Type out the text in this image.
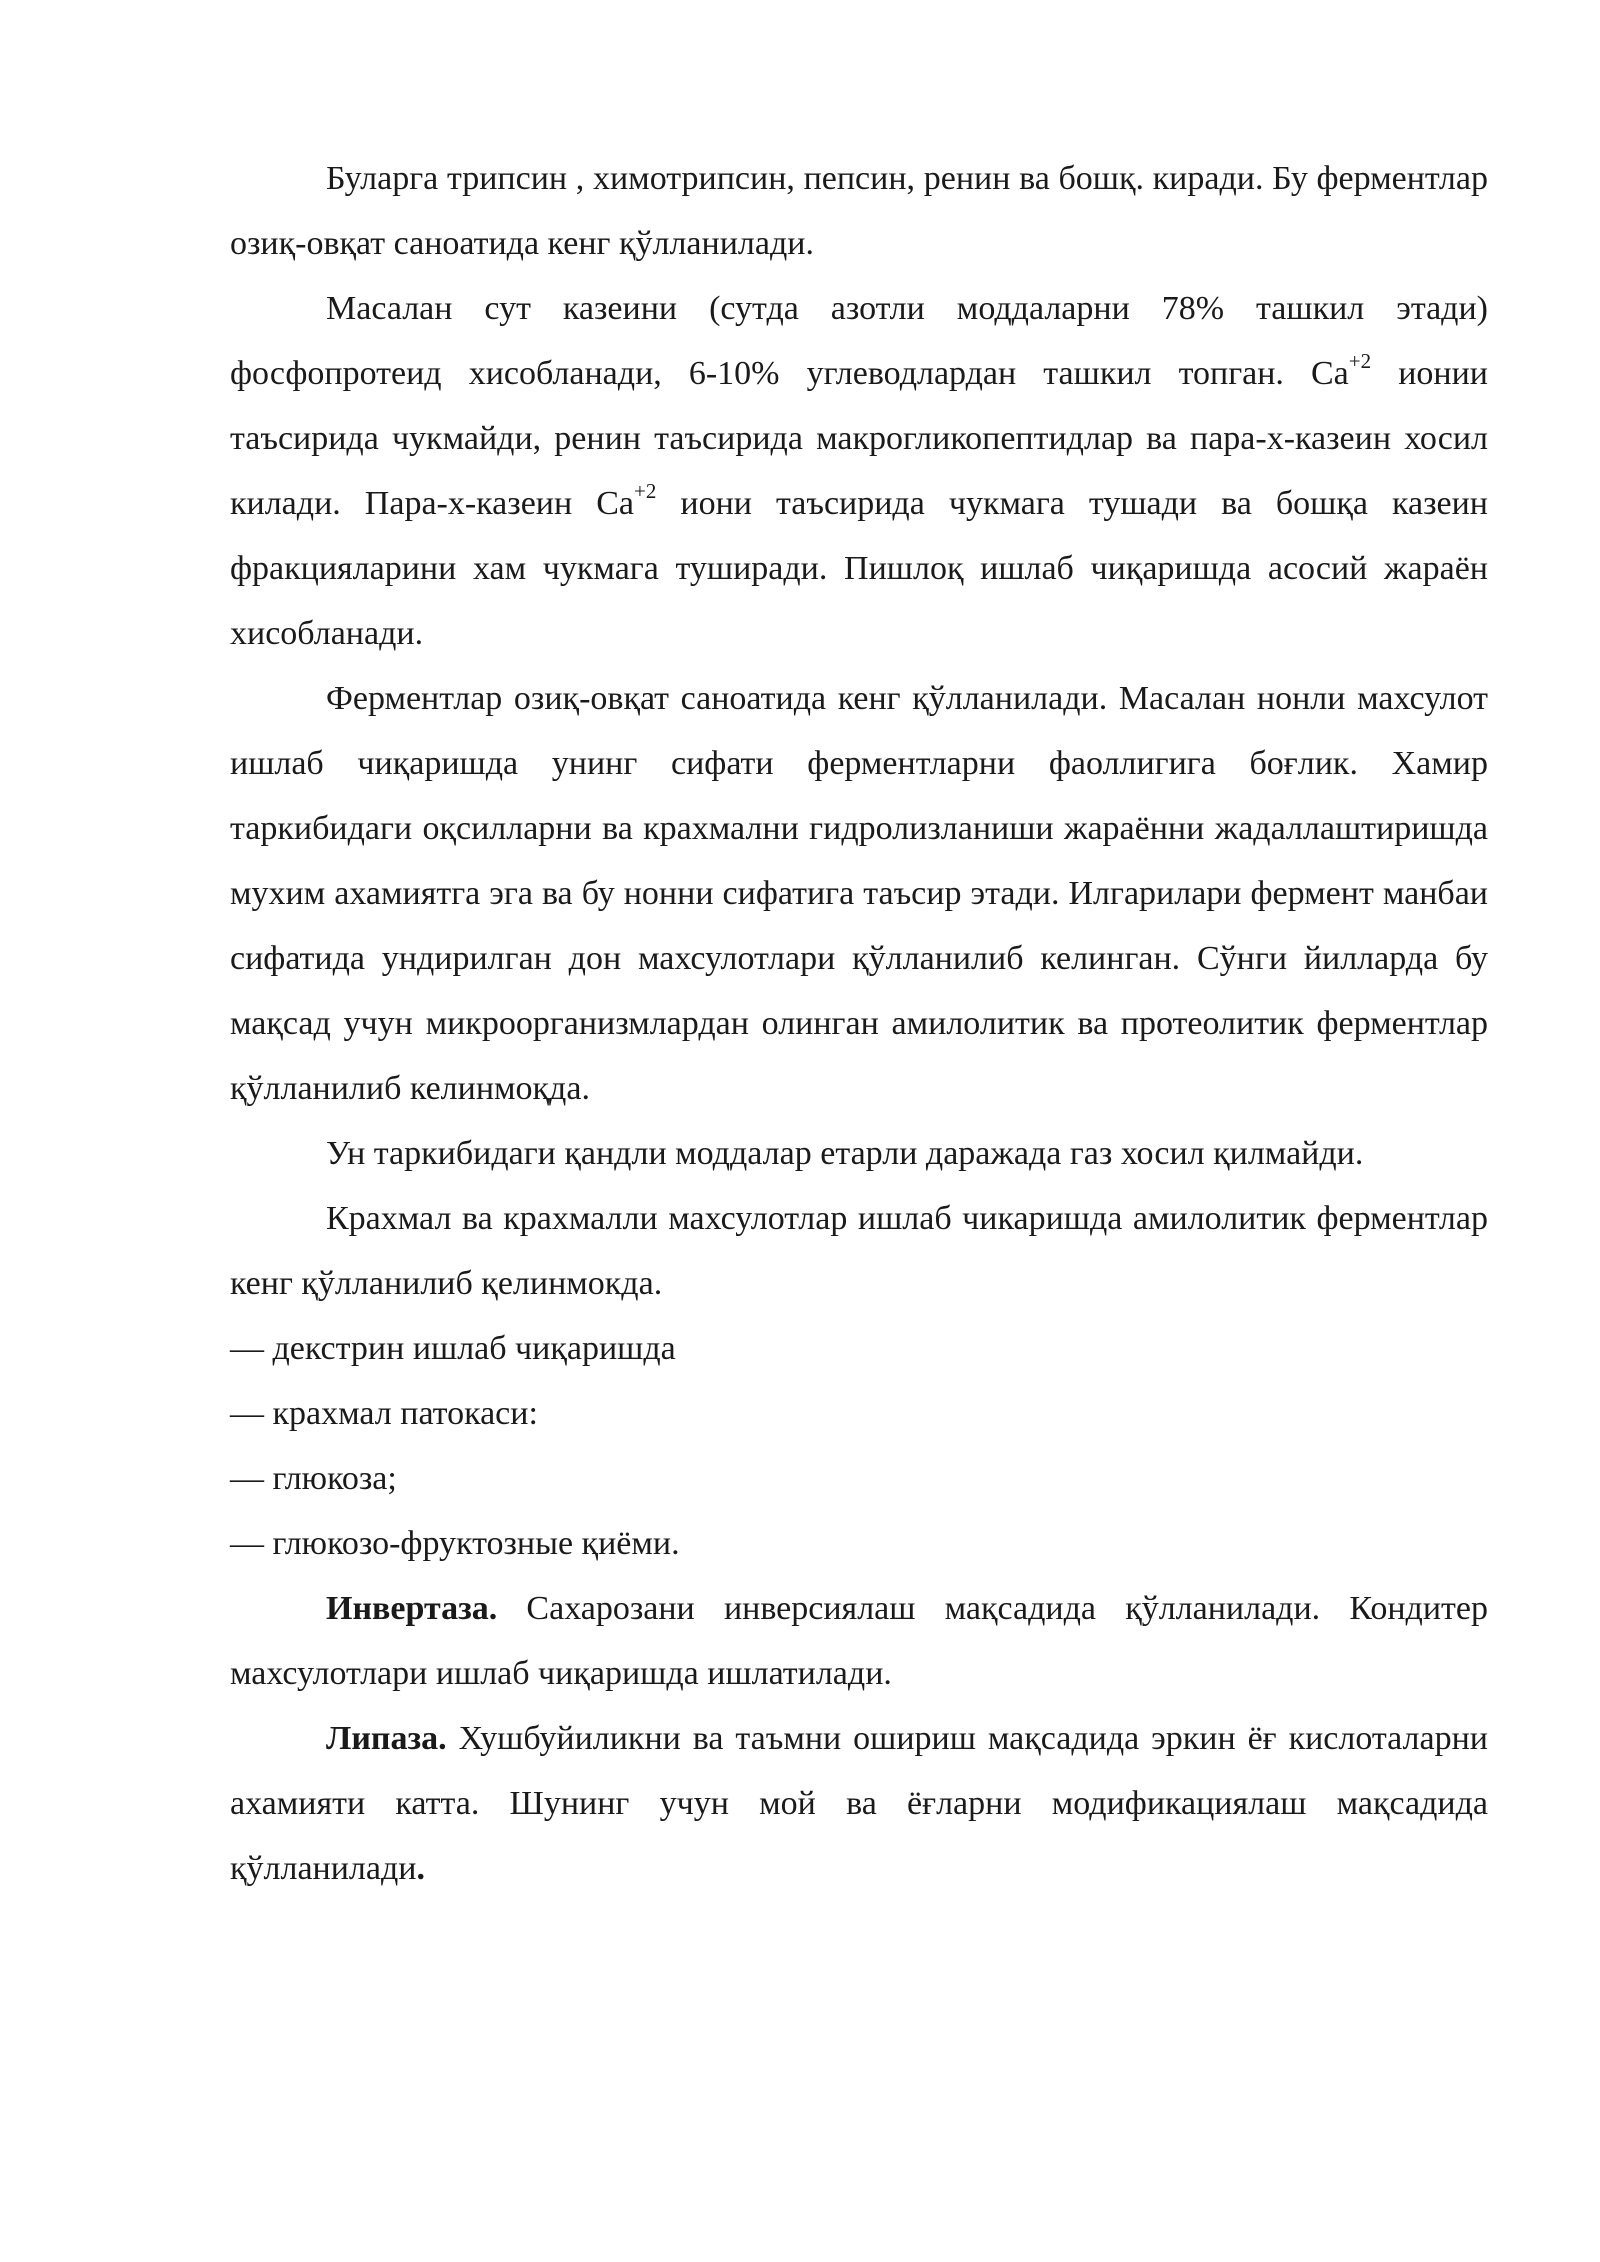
Буларга трипсин , химотрипсин, пепсин, ренин ва бошқ. киради. Бу ферментлар озиқ-овқат саноатида кенг қўлланилади.

Масалан сут казеини (сутда азотли моддаларни 78% ташкил этади) фосфопротеид хисобланади, 6-10% углеводлардан ташкил топган. $Ca^{+2}$ ионии таъсирида чукмайди, ренин таъсирида макрогликопептидлар ва пара-х-казеин хосил килади. Пара-х-казеин $Ca^{+2}$ иони таъсирида чукмага тушади ва бошқа казеин фракцияларини хам чукмага туширади. Пишлоқ ишлаб чиқаришда асосий жараён хисобланади.

Ферментлар озиқ-овқат саноатида кенг қўлланилади. Масалан нонли махсулот ишлаб чиқаришда унинг сифати ферментларни фаоллигига боғлик. Хамир таркибидаги оқсилларни ва крахмални гидролизланиши жараённи жадаллаштиришда мухим ахамиятга эга ва бу нонни сифатига таъсир этади. Илгарилари фермент манбаи сифатида ундирилган дон махсулотлари қўлланилиб келинган. Сўнги йилларда бу мақсад учун микроорганизмлардан олинган амилолитик ва протеолитик ферментлар қўлланилиб келинмоқда.

Ун таркибидаги қандли моддалар етарли даражада газ хосил қилмайди.

Крахмал ва крахмалли махсулотлар ишлаб чикаришда амилолитик ферментлар кенг қўлланилиб қелинмокда.

— декстрин ишлаб чиқаришда
— крахмал патокаси:
— глюкоза;
— глюкозо-фруктозные қиёми.

Инвертаза. Сахарозани инверсиялаш мақсадида қўлланилади. Кондитер махсулотлари ишлаб чиқаришда ишлатилади.

Липаза. Хушбуйиликни ва таъмни ошириш мақсадида эркин ёғ кислоталарни ахамияти катта. Шунинг учун мой ва ёғларни модификациялаш мақсадида қўлланилади.
